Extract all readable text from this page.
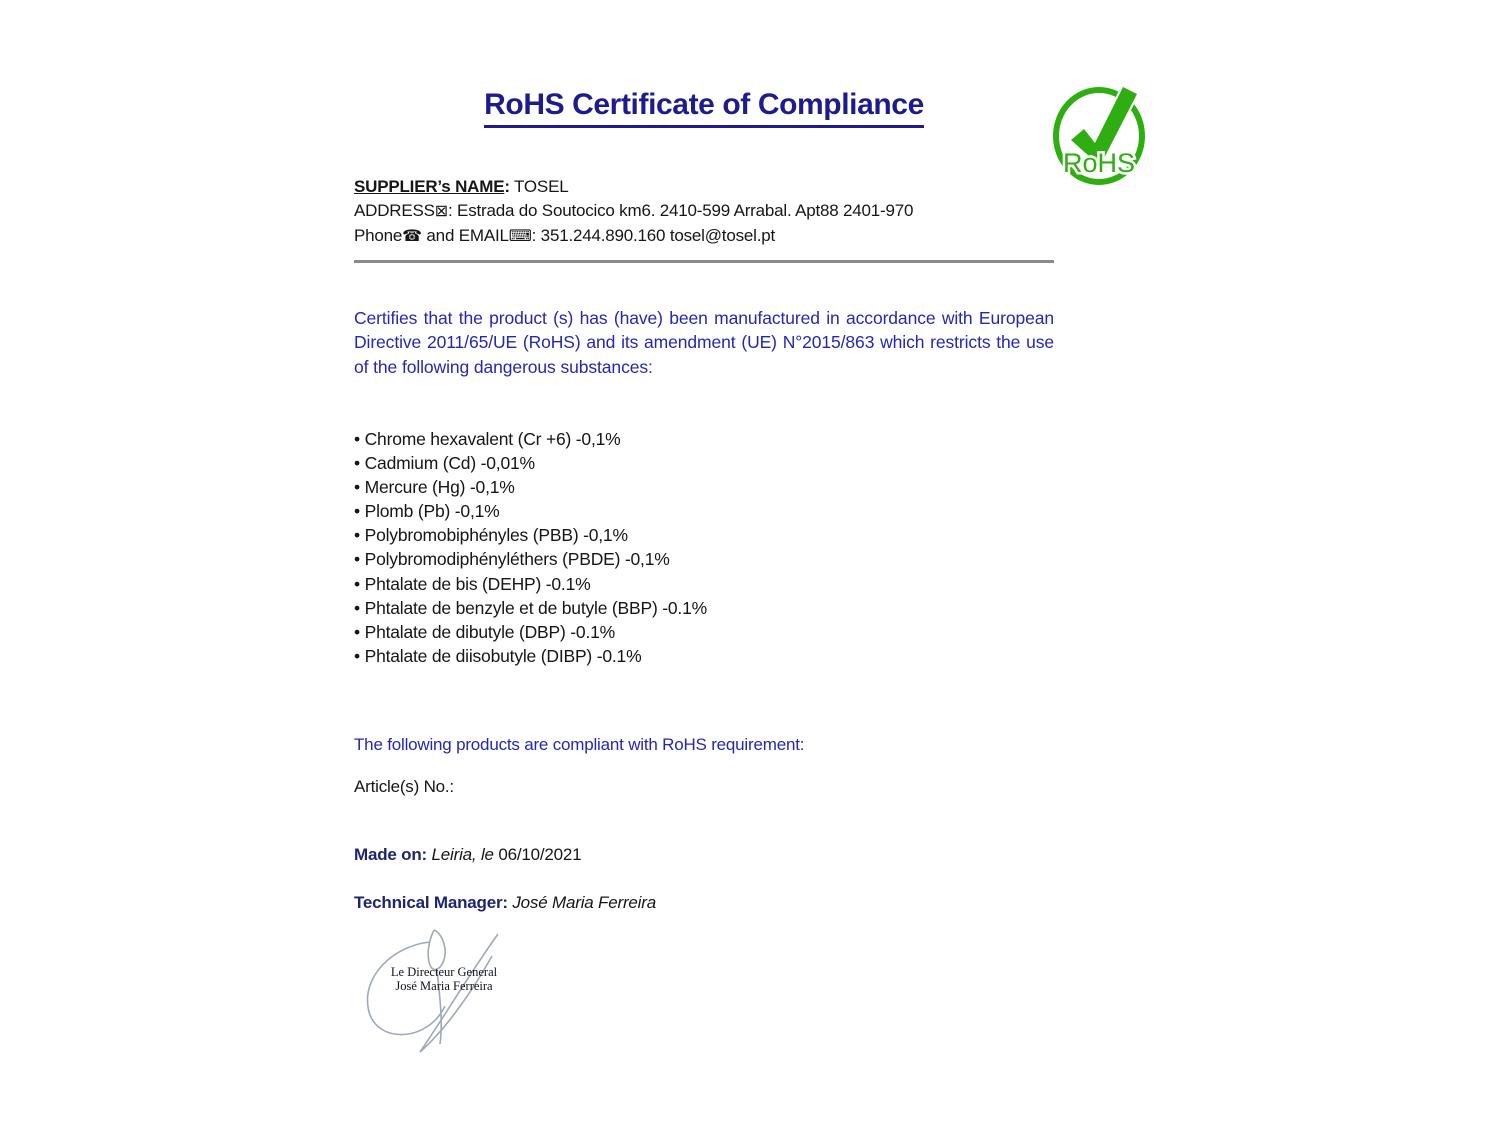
RoHS Certificate of Compliance
RoHS
SUPPLIER’s NAME: TOSEL
ADDRESS⊠: Estrada do Soutocico km6. 2410-599 Arrabal. Apt88 2401-970
Phone☎ and EMAIL⌨: 351.244.890.160 tosel@tosel.pt
Certifies that the product (s) has (have) been manufactured in accordance with European Directive 2011/65/UE (RoHS) and its amendment (UE) N°2015/863 which restricts the use of the following dangerous substances:
• Chrome hexavalent (Cr +6) -0,1%
• Cadmium (Cd) -0,01%
• Mercure (Hg) -0,1%
• Plomb (Pb) -0,1%
• Polybromobiphényles (PBB) -0,1%
• Polybromodiphényléthers (PBDE) -0,1%
• Phtalate de bis (DEHP) -0.1%
• Phtalate de benzyle et de butyle (BBP) -0.1%
• Phtalate de dibutyle (DBP) -0.1%
• Phtalate de diisobutyle (DIBP) -0.1%
The following products are compliant with RoHS requirement:
Article(s) No.:
Made on: Leiria, le 06/10/2021
Technical Manager: José Maria Ferreira
Le Directeur General
José Maria Ferreira
